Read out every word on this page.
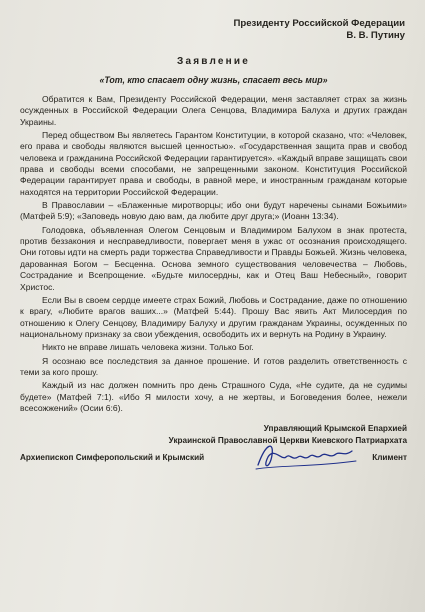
Президенту Российской Федерации
В. В. Путину
Заявление
«Тот, кто спасает одну жизнь, спасает весь мир»

Обратится к Вам, Президенту Российской Федерации, меня заставляет страх за жизнь осужденных в Российской Федерации Олега Сенцова, Владимира Балуха и других граждан Украины.

Перед обществом Вы являетесь Гарантом Конституции, в которой сказано, что: «Человек, его права и свободы являются высшей ценностью». «Государственная защита прав и свобод человека и гражданина Российской Федерации гарантируется». «Каждый вправе защищать свои права и свободы всеми способами, не запрещенными законом. Конституция Российской Федерации гарантирует права и свободы, в равной мере, и иностранным гражданам которые находятся на территории Российской Федерации.

В Православии – «Блаженные миротворцы; ибо они будут наречены сынами Божьими» (Матфей 5:9); «Заповедь новую даю вам, да любите друг друга;» (Иоанн 13:34).

Голодовка, объявленная Олегом Сенцовым и Владимиром Балухом в знак протеста, против беззакония и несправедливости, повергает меня в ужас от осознания происходящего. Они готовы идти на смерть ради торжества Справедливости и Правды Божьей. Жизнь человека, дарованная Богом – Бесценна. Основа земного существования человечества – Любовь, Сострадание и Всепрощение. «Будьте милосердны, как и Отец Ваш Небесный», говорит Христос.

Если Вы в своем сердце имеете страх Божий, Любовь и Сострадание, даже по отношению к врагу, «Любите врагов ваших...» (Матфей 5:44). Прошу Вас явить Акт Милосердия по отношению к Олегу Сенцову, Владимиру Балуху и другим гражданам Украины, осужденных по национальному признаку за свои убеждения, освободить их и вернуть на Родину в Украину.

Никто не вправе лишать человека жизни. Только Бог.

Я осознаю все последствия за данное прошение. И готов разделить ответственность с теми за кого прошу.

Каждый из нас должен помнить про день Страшного Суда, «Не судите, да не судимы будете» (Матфей 7:1). «Ибо Я милости хочу, а не жертвы, и Боговедения более, нежели всесожжений» (Осии 6:6).

Управляющий Крымской Епархией
Украинской Православной Церкви Киевского Патриархата
Архиепископ Симферопольский и Крымский	Климент
